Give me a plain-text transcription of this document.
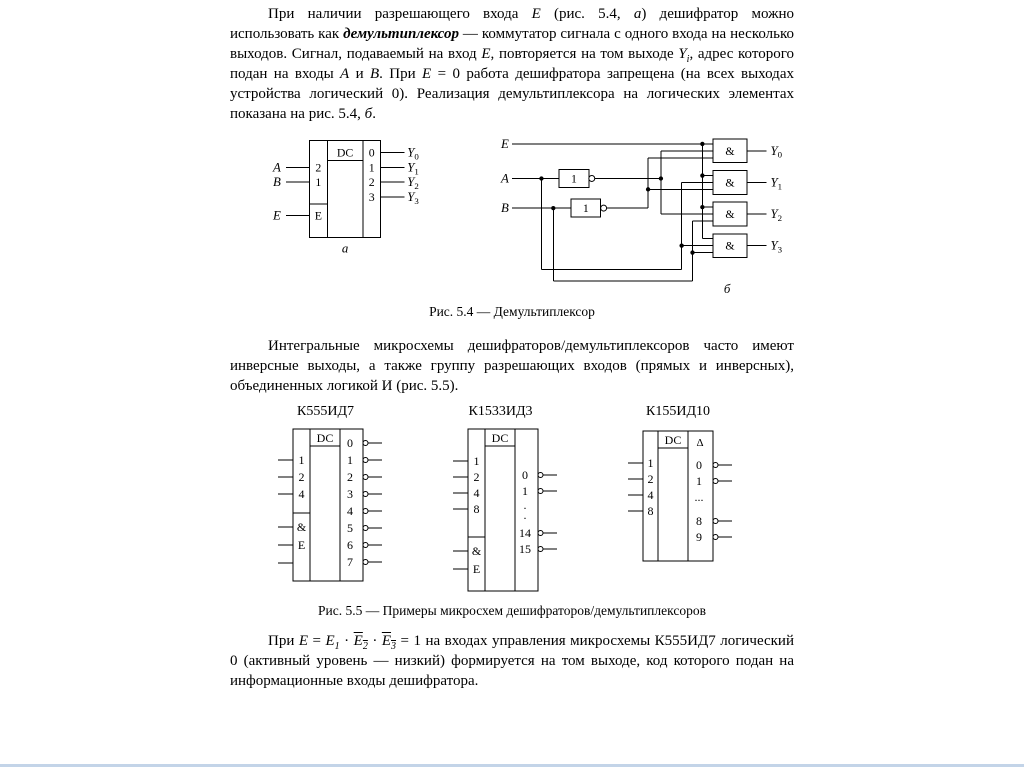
При наличии разрешающего входа E (рис. 5.4, а) дешифратор можно использовать как демультиплексор — коммутатор сигнала с одного входа на несколько выходов. Сигнал, подаваемый на вход E, повторяется на том выходе $Y_i$, адрес которого подан на входы A и B. При E = 0 работа дешифратора запрещена (на всех выходах устройства логический 0). Реализация демультиплексора на логических элементах показана на рис. 5.4, б.

A
B
E
2
1
E
DC 0
1
2
3
$Y_0$
$Y_1$
$Y_2$
$Y_3$
а
E
A
B
1
1
&
&
&
&
$Y_0$
$Y_1$
$Y_2$
$Y_3$
б
Рис. 5.4 — Демультиплексор

Интегральные микросхемы дешифраторов/демультиплексоров часто имеют инверсные выходы, а также группу разрешающих входов (прямых и инверсных), объединенных логикой И (рис. 5.5).

К555ИД7
DC
1
2
4
&
E
0
1
2
3
4
5
6
7
К1533ИД3
DC
1
2
4
8
&
E
0
1
·
·
14
15
К155ИД10
DC Δ
1
2
4
8
0
1
...
8
9
Рис. 5.5 — Примеры микросхем дешифраторов/демультиплексоров

При $E = E_1 \cdot E_2 \cdot E_3 = 1$ на входах управления микросхемы К555ИД7 логический 0 (активный уровень — низкий) формируется на том выходе, код которого подан на информационные входы дешифратора.
